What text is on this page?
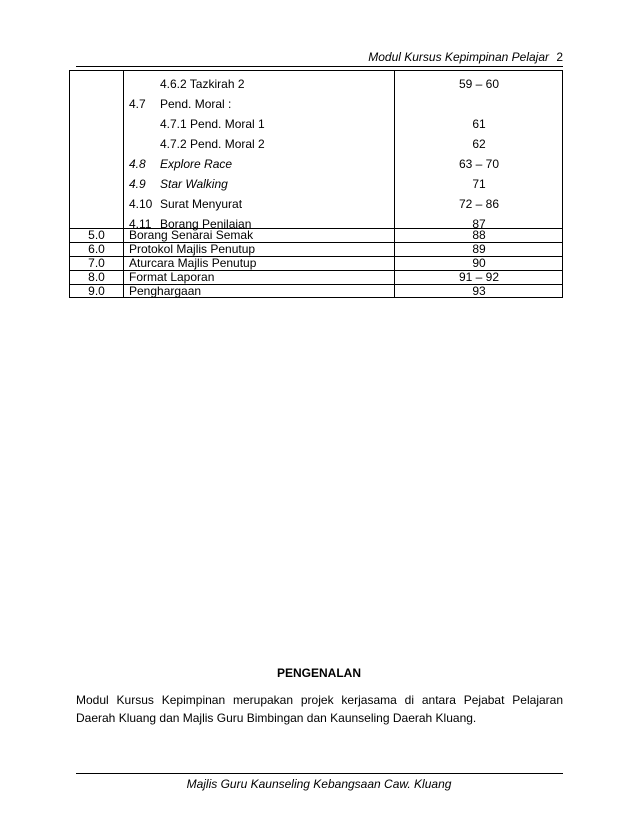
Modul Kursus Kepimpinan Pelajar 2
4.6.2 Tazkirah 2	59 – 60
4.7 Pend. Moral :
4.7.1 Pend. Moral 1	61
4.7.2 Pend. Moral 2	62
4.8 Explore Race	63 – 70
4.9 Star Walking	71
4.10 Surat Menyurat	72 – 86
4.11 Borang Penilaian	87
5.0	Borang Senarai Semak	88
6.0	Protokol Majlis Penutup	89
7.0	Aturcara Majlis Penutup	90
8.0	Format Laporan	91 – 92
9.0	Penghargaan	93
PENGENALAN
Modul Kursus Kepimpinan merupakan projek kerjasama di antara Pejabat Pelajaran Daerah Kluang dan Majlis Guru Bimbingan dan Kaunseling Daerah Kluang.
Majlis Guru Kaunseling Kebangsaan Caw. Kluang
